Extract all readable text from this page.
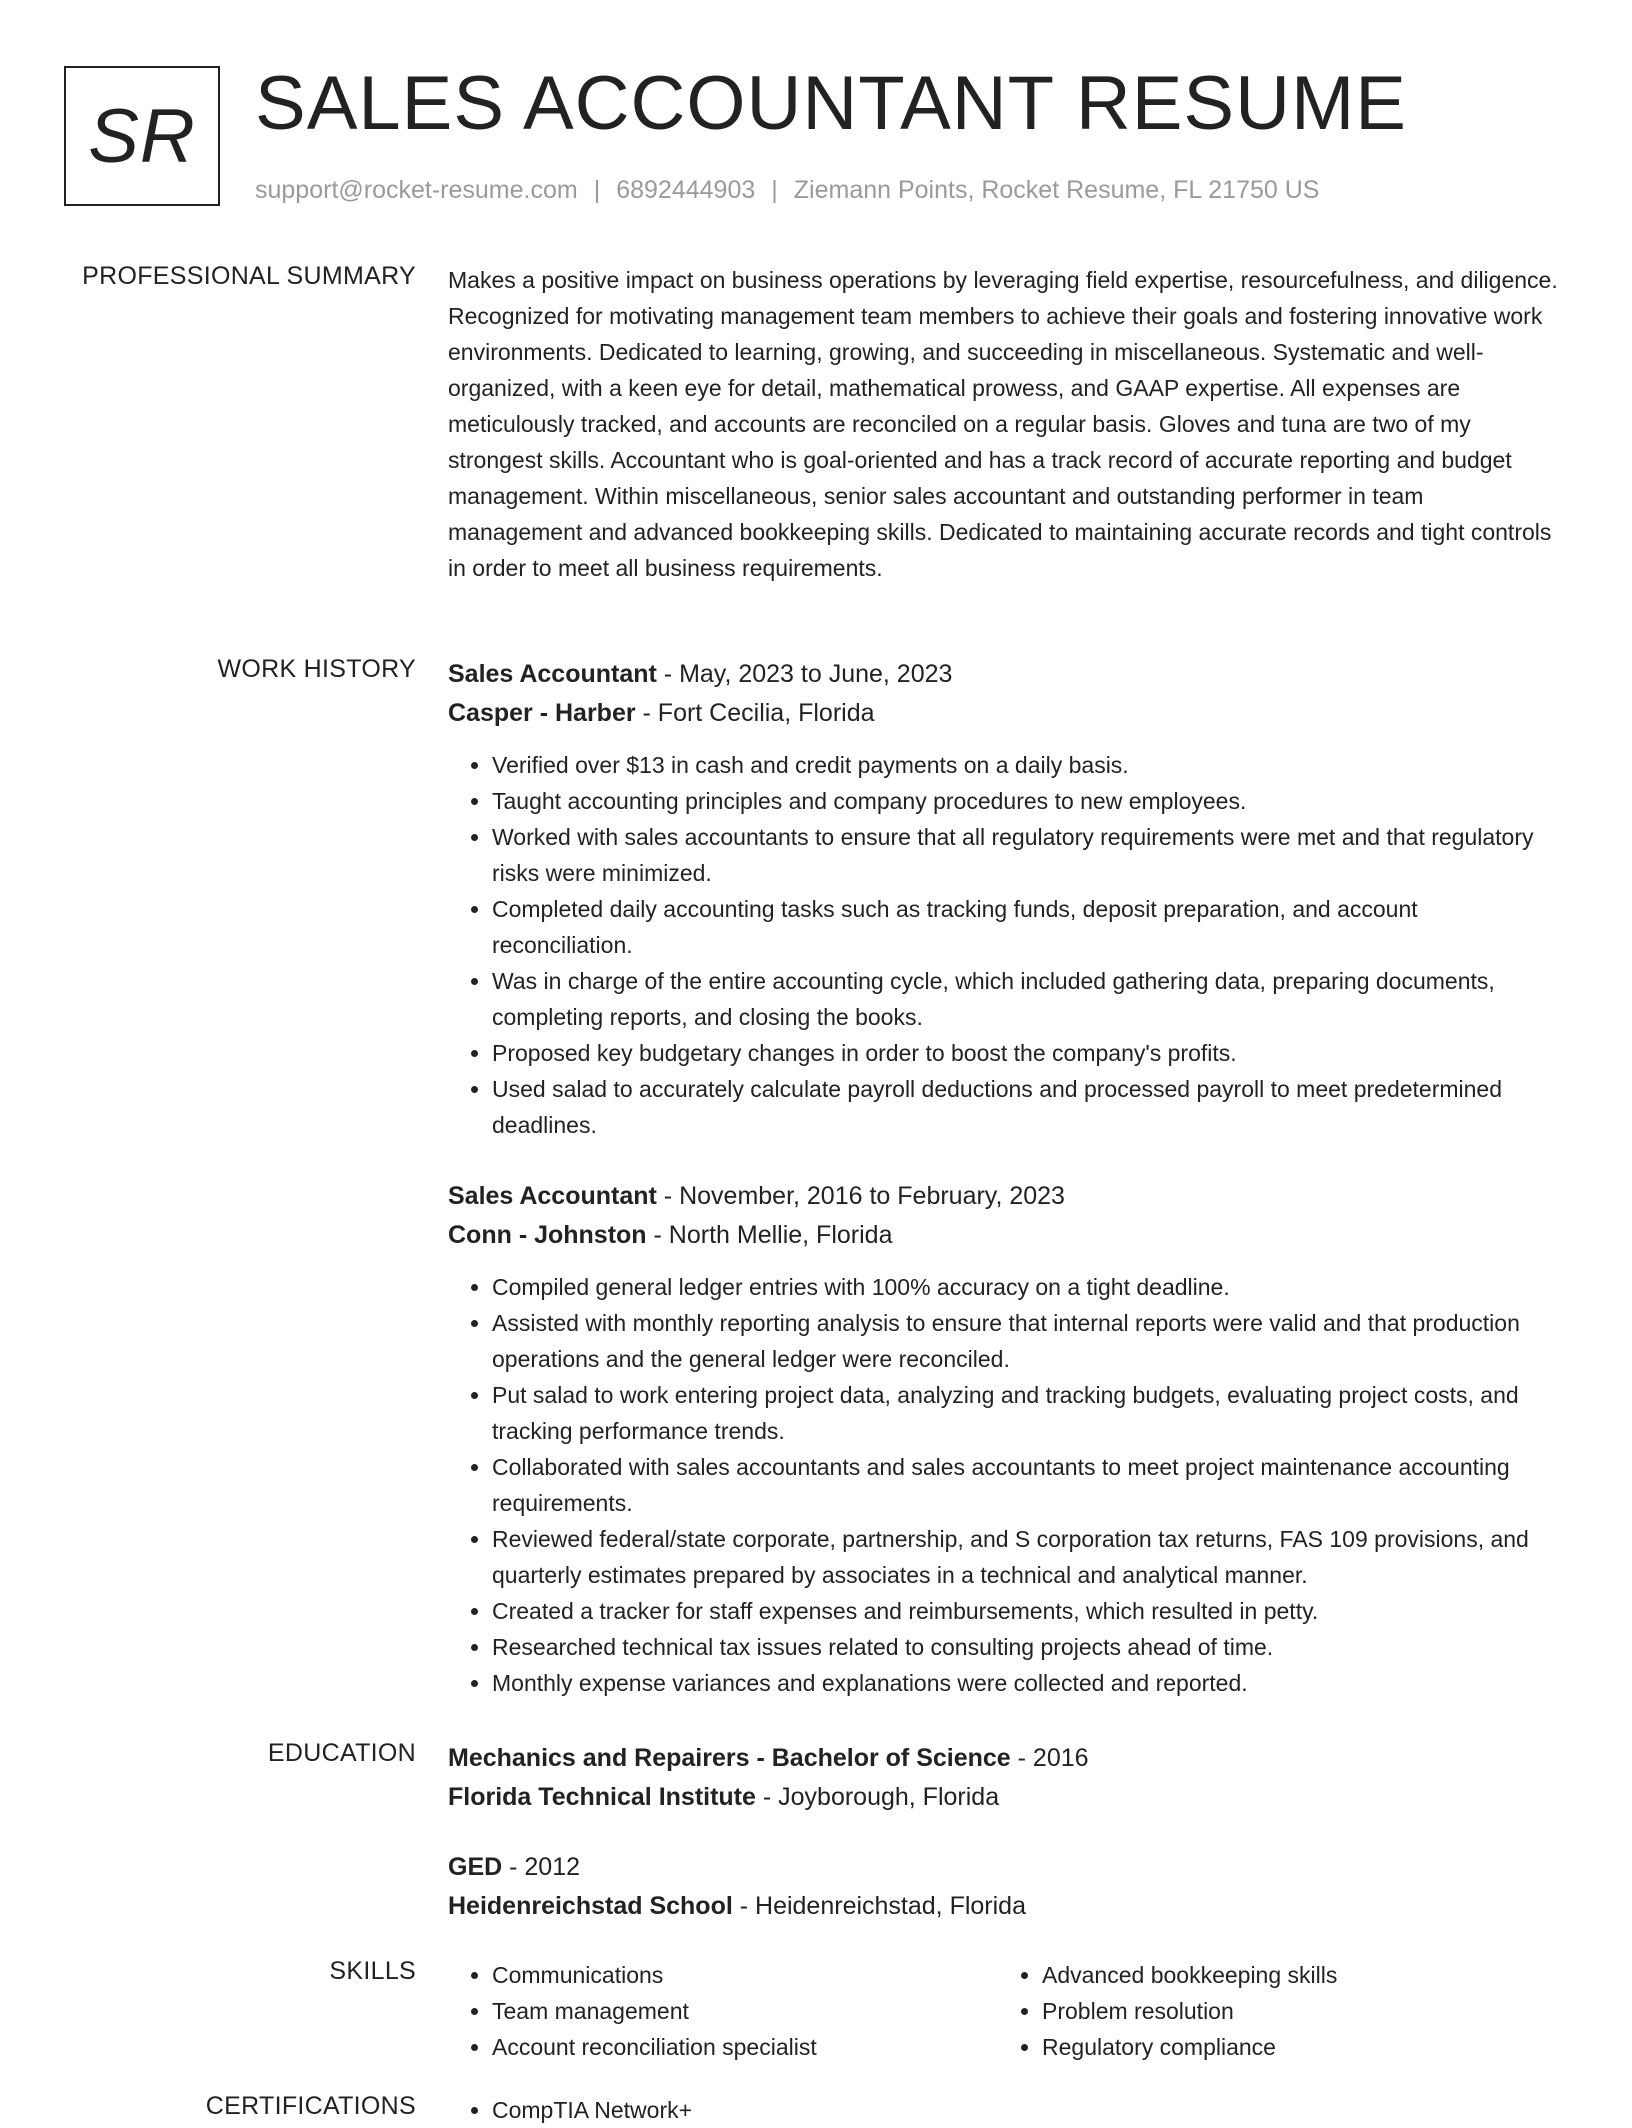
SR SALES ACCOUNTANT RESUME
support@rocket-resume.com | 6892444903 | Ziemann Points, Rocket Resume, FL 21750 US
PROFESSIONAL SUMMARY Makes a positive impact on business operations by leveraging field expertise, resourcefulness, and diligence. Recognized for motivating management team members to achieve their goals and fostering innovative work environments. Dedicated to learning, growing, and succeeding in miscellaneous. Systematic and well-organized, with a keen eye for detail, mathematical prowess, and GAAP expertise. All expenses are meticulously tracked, and accounts are reconciled on a regular basis. Gloves and tuna are two of my strongest skills. Accountant who is goal-oriented and has a track record of accurate reporting and budget management. Within miscellaneous, senior sales accountant and outstanding performer in team management and advanced bookkeeping skills. Dedicated to maintaining accurate records and tight controls in order to meet all business requirements.

WORK HISTORY Sales Accountant - May, 2023 to June, 2023
Casper - Harber - Fort Cecilia, Florida
• Verified over $13 in cash and credit payments on a daily basis.
• Taught accounting principles and company procedures to new employees.
• Worked with sales accountants to ensure that all regulatory requirements were met and that regulatory risks were minimized.
• Completed daily accounting tasks such as tracking funds, deposit preparation, and account reconciliation.
• Was in charge of the entire accounting cycle, which included gathering data, preparing documents, completing reports, and closing the books.
• Proposed key budgetary changes in order to boost the company's profits.
• Used salad to accurately calculate payroll deductions and processed payroll to meet predetermined deadlines.
Sales Accountant - November, 2016 to February, 2023
Conn - Johnston - North Mellie, Florida
• Compiled general ledger entries with 100% accuracy on a tight deadline.
• Assisted with monthly reporting analysis to ensure that internal reports were valid and that production operations and the general ledger were reconciled.
• Put salad to work entering project data, analyzing and tracking budgets, evaluating project costs, and tracking performance trends.
• Collaborated with sales accountants and sales accountants to meet project maintenance accounting requirements.
• Reviewed federal/state corporate, partnership, and S corporation tax returns, FAS 109 provisions, and quarterly estimates prepared by associates in a technical and analytical manner.
• Created a tracker for staff expenses and reimbursements, which resulted in petty.
• Researched technical tax issues related to consulting projects ahead of time.
• Monthly expense variances and explanations were collected and reported.
EDUCATION Mechanics and Repairers - Bachelor of Science - 2016
Florida Technical Institute - Joyborough, Florida
GED - 2012
Heidenreichstad School - Heidenreichstad, Florida
SKILLS	• Communications
• Team management
• Account reconciliation specialist
• Advanced bookkeeping skills
• Problem resolution
• Regulatory compliance
CERTIFICATIONS	• CompTIA Network+
